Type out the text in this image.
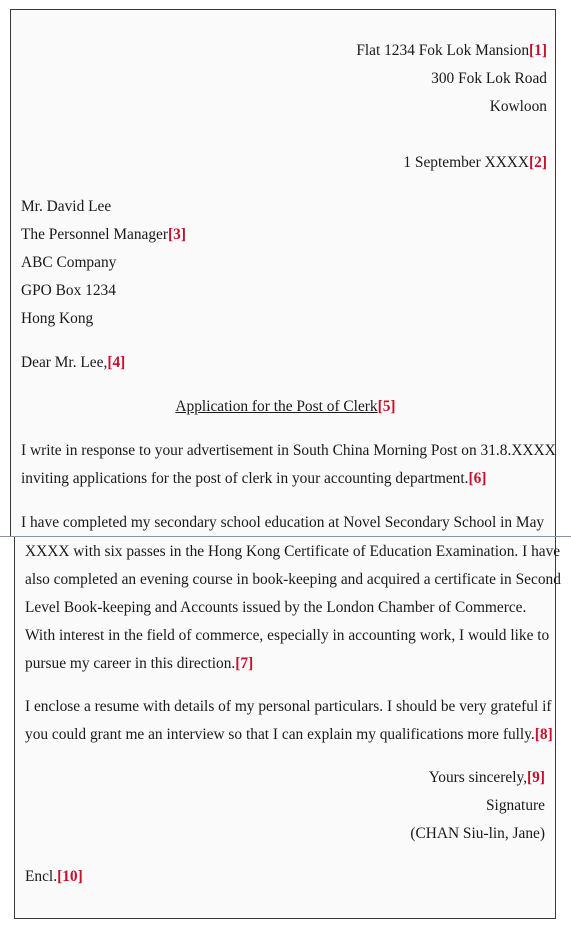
Flat 1234 Fok Lok Mansion[1]
300 Fok Lok Road
Kowloon
1 September XXXX[2]
Mr. David Lee
The Personnel Manager[3]
ABC Company
GPO Box 1234
Hong Kong
Dear Mr. Lee,[4]
Application for the Post of Clerk[5]
I write in response to your advertisement in South China Morning Post on 31.8.XXXX
inviting applications for the post of clerk in your accounting department.[6]
I have completed my secondary school education at Novel Secondary School in May
XXXX with six passes in the Hong Kong Certificate of Education Examination. I have
also completed an evening course in book-keeping and acquired a certificate in Second
Level Book-keeping and Accounts issued by the London Chamber of Commerce.
With interest in the field of commerce, especially in accounting work, I would like to
pursue my career in this direction.[7]
I enclose a resume with details of my personal particulars. I should be very grateful if
you could grant me an interview so that I can explain my qualifications more fully.[8]
Yours sincerely,[9]
Signature
(CHAN Siu-lin, Jane)
Encl.[10]
